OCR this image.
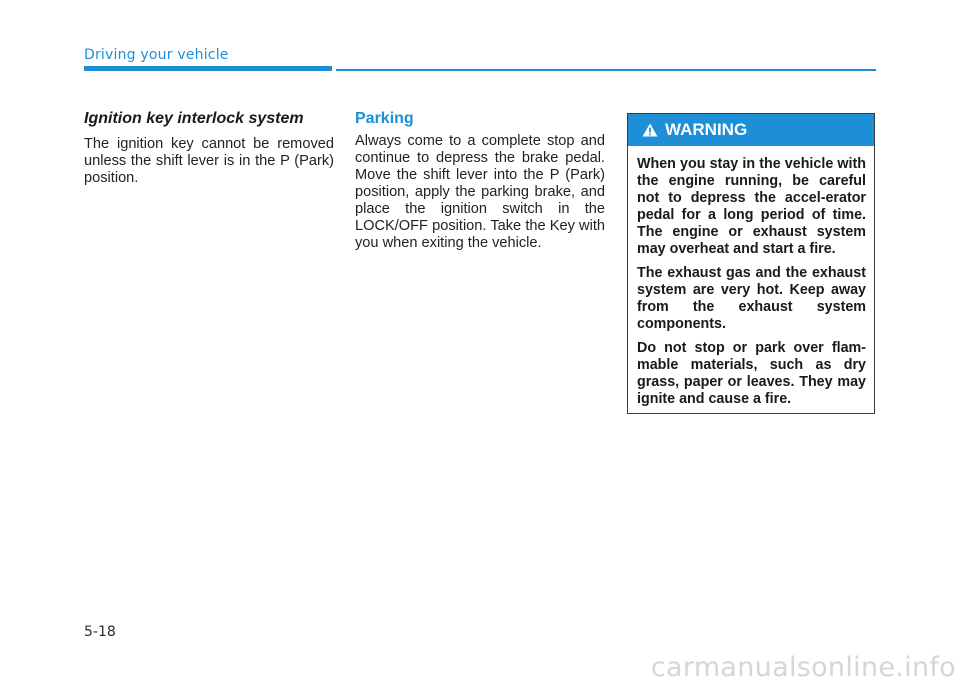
Driving your vehicle
Ignition key interlock system

The ignition key cannot be removed unless the shift lever is in the P (Park) position.

Parking

Always come to a complete stop and continue to depress the brake pedal. Move the shift lever into the P (Park) position, apply the parking brake, and place the ignition switch in the LOCK/OFF position. Take the Key with you when exiting the vehicle.

WARNING

When you stay in the vehicle with the engine running, be careful not to depress the accel-erator pedal for a long period of time. The engine or exhaust system may overheat and start a fire.

The exhaust gas and the exhaust system are very hot. Keep away from the exhaust system components.

Do not stop or park over flam-mable materials, such as dry grass, paper or leaves. They may ignite and cause a fire.

5-18
carmanualsonline.info
